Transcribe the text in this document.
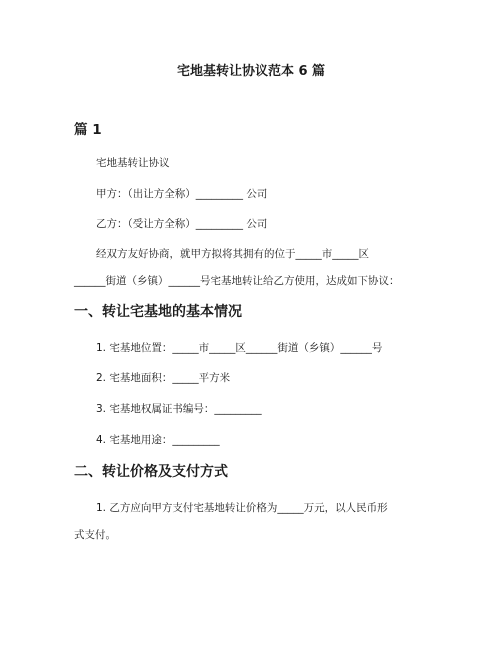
宅地基转让协议范本 6 篇
篇 1
宅地基转让协议
甲方：（出让方全称）_________ 公司
乙方：（受让方全称）_________ 公司
经双方友好协商，就甲方拟将其拥有的位于_____市_____区
______街道（乡镇）______号宅基地转让给乙方使用，达成如下协议：
一、转让宅基地的基本情况
1. 宅基地位置：_____市_____区______街道（乡镇）______号
2. 宅基地面积：_____平方米
3. 宅基地权属证书编号：_________
4. 宅基地用途：_________
二、转让价格及支付方式
1. 乙方应向甲方支付宅基地转让价格为_____万元，以人民币形
式支付。
